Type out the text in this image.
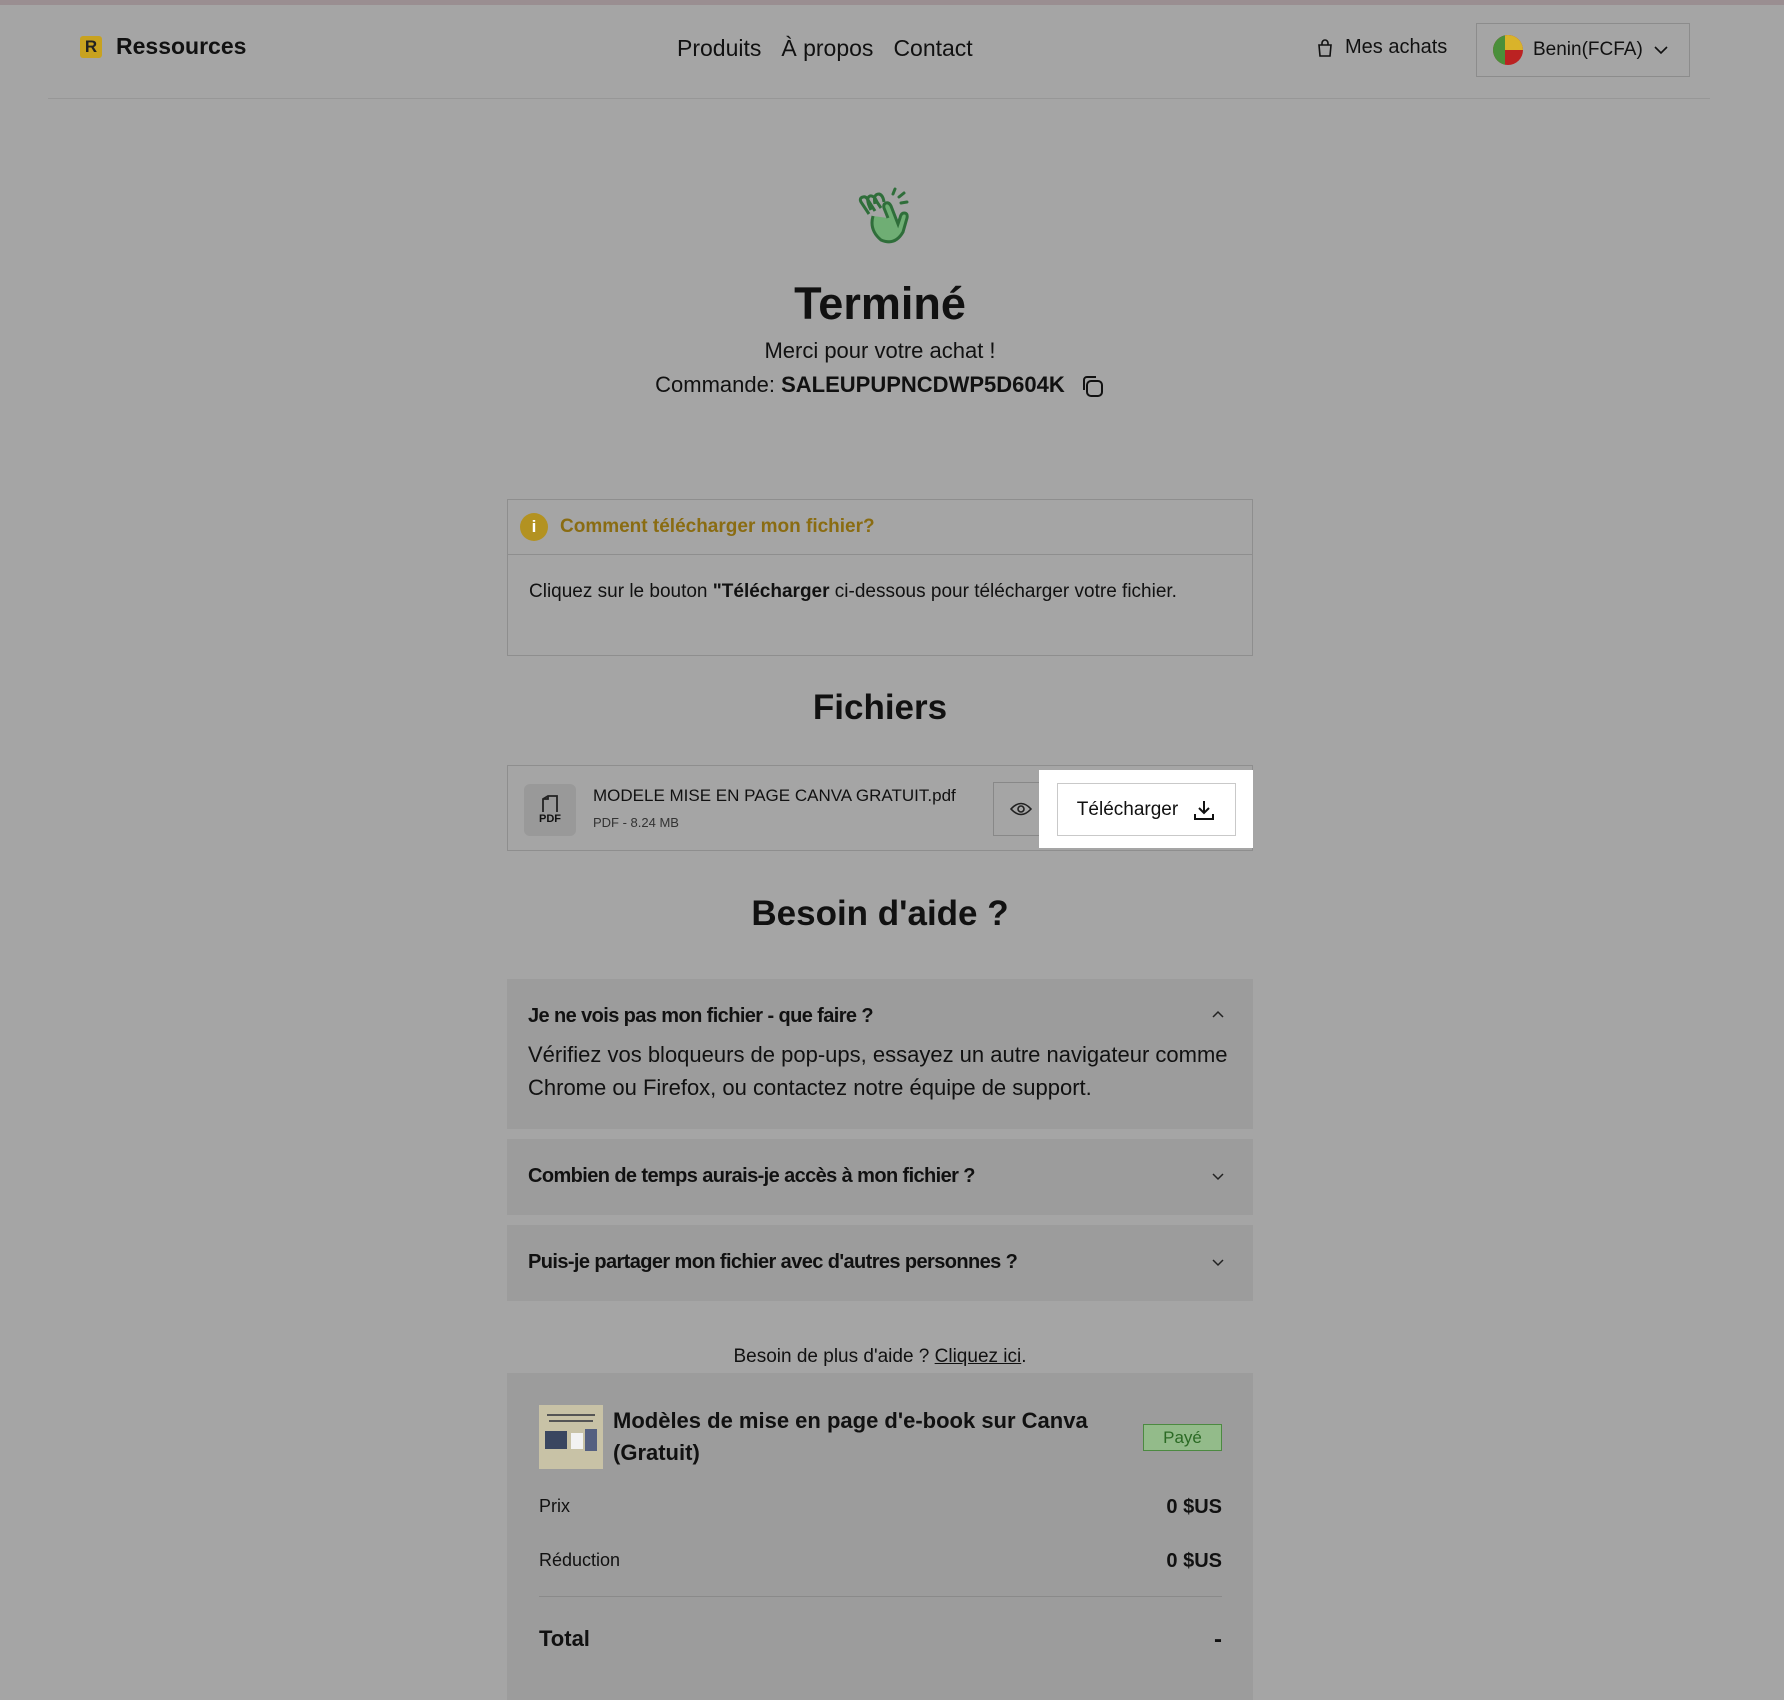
R Ressources	Produits À propos Contact	Mes achats	Benin(FCFA)
Terminé
Merci pour votre achat !
Commande: SALEUPUPNCDWP5D604K
i	Comment télécharger mon fichier?
Cliquez sur le bouton "Télécharger ci-dessous pour télécharger votre fichier.
Fichiers
PDF
MODELE MISE EN PAGE CANVA GRATUIT.pdf
PDF - 8.24 MB
Télécharger
Besoin d'aide ?
Je ne vois pas mon fichier - que faire ?
Vérifiez vos bloqueurs de pop-ups, essayez un autre navigateur comme Chrome ou Firefox, ou contactez notre équipe de support.
Combien de temps aurais-je accès à mon fichier ?
Puis-je partager mon fichier avec d'autres personnes ?
Besoin de plus d'aide ? Cliquez ici.
Modèles de mise en page d'e-book sur Canva (Gratuit)
Payé
Prix	0 $US
Réduction	0 $US
Total	-
